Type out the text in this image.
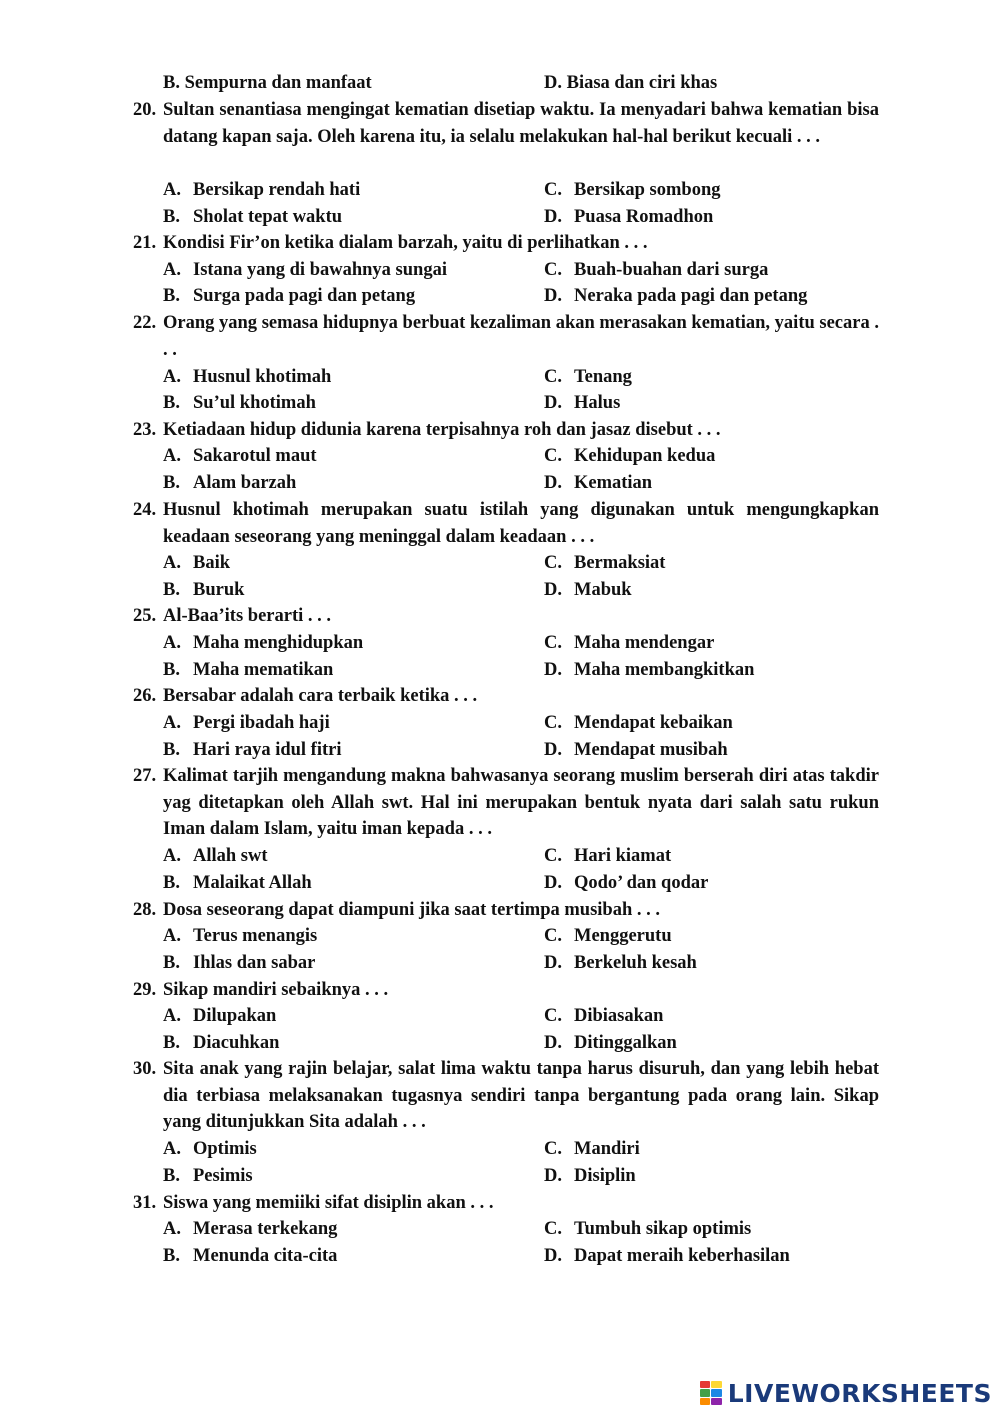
B. Sempurna dan manfaat	D. Biasa dan ciri khas
20. Sultan senantiasa mengingat kematian disetiap waktu. Ia menyadari bahwa kematian bisa datang kapan saja. Oleh karena itu, ia selalu melakukan hal-hal berikut kecuali . . .
A. Bersikap rendah hati	C. Bersikap sombong
B. Sholat tepat waktu	D. Puasa Romadhon
21. Kondisi Fir’on ketika dialam barzah, yaitu di perlihatkan . . .
A. Istana yang di bawahnya sungai	C. Buah-buahan dari surga
B. Surga pada pagi dan petang	D. Neraka pada pagi dan petang
22. Orang yang semasa hidupnya berbuat kezaliman akan merasakan kematian, yaitu secara . . .
A. Husnul khotimah	C. Tenang
B. Su’ul khotimah	D. Halus
23. Ketiadaan hidup didunia karena terpisahnya roh dan jasaz disebut . . .
A. Sakarotul maut	C. Kehidupan kedua
B. Alam barzah	D. Kematian
24. Husnul khotimah merupakan suatu istilah yang digunakan untuk mengungkapkan keadaan seseorang yang meninggal dalam keadaan . . .
A. Baik	C. Bermaksiat
B. Buruk	D. Mabuk
25. Al-Baa’its berarti . . .
A. Maha menghidupkan	C. Maha mendengar
B. Maha mematikan	D. Maha membangkitkan
26. Bersabar adalah cara terbaik ketika . . .
A. Pergi ibadah haji	C. Mendapat kebaikan
B. Hari raya idul fitri	D. Mendapat musibah
27. Kalimat tarjih mengandung makna bahwasanya seorang muslim berserah diri atas takdir yag ditetapkan oleh Allah swt. Hal ini merupakan bentuk nyata dari salah satu rukun Iman dalam Islam, yaitu iman kepada . . .
A. Allah swt	C. Hari kiamat
B. Malaikat Allah	D. Qodo’ dan qodar
28. Dosa seseorang dapat diampuni jika saat tertimpa musibah . . .
A. Terus menangis	C. Menggerutu
B. Ihlas dan sabar	D. Berkeluh kesah
29. Sikap mandiri sebaiknya . . .
A. Dilupakan	C. Dibiasakan
B. Diacuhkan	D. Ditinggalkan
30. Sita anak yang rajin belajar, salat lima waktu tanpa harus disuruh, dan yang lebih hebat dia terbiasa melaksanakan tugasnya sendiri tanpa bergantung pada orang lain. Sikap yang ditunjukkan Sita adalah . . .
A. Optimis	C. Mandiri
B. Pesimis	D. Disiplin
31. Siswa yang memiiki sifat disiplin akan . . .
A. Merasa terkekang	C. Tumbuh sikap optimis
B. Menunda cita-cita	D. Dapat meraih keberhasilan
LIVEWORKSHEETS
